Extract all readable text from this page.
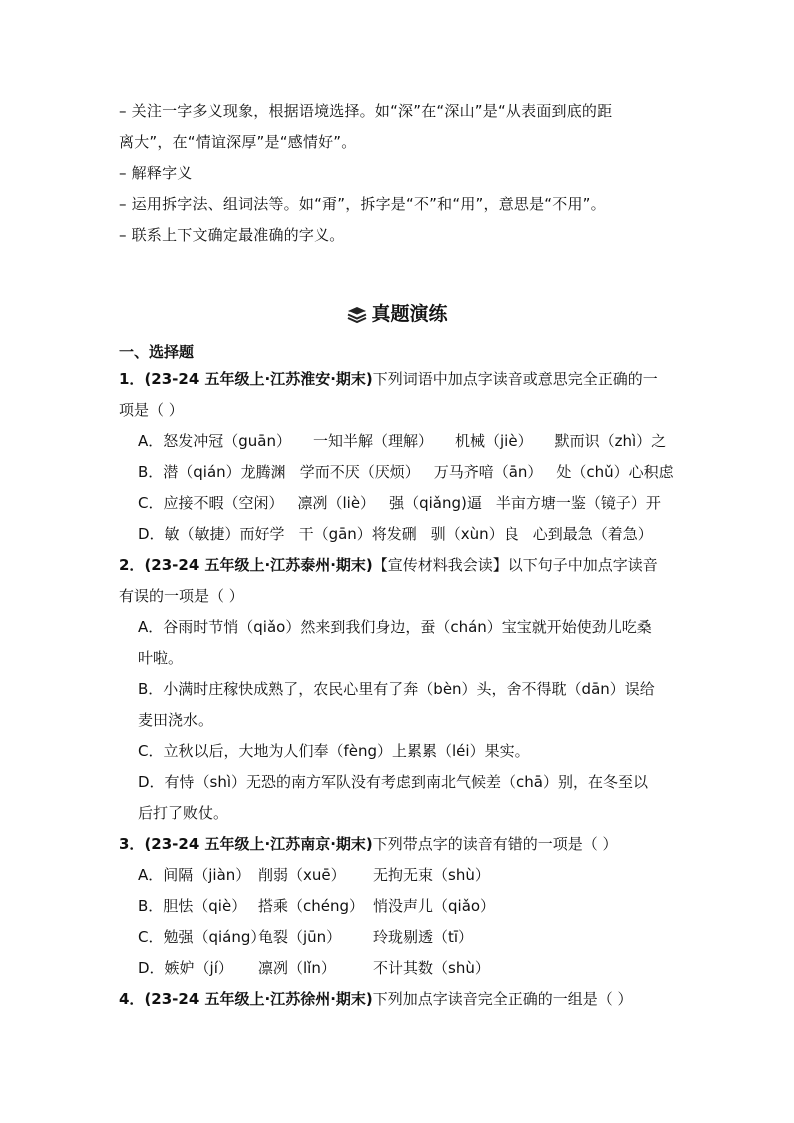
– 关注一字多义现象，根据语境选择。如“深”在“深山”是“从表面到底的距
离大”，在“情谊深厚”是“感情好”。
– 解释字义
– 运用拆字法、组词法等。如“甭”，拆字是“不”和“用”，意思是“不用”。
– 联系上下文确定最准确的字义。
真题演练
一、选择题
1．(23-24 五年级上·江苏淮安·期末)下列词语中加点字读音或意思完全正确的一
项是（ ）
A．怒发冲冠（guān） 一知半解（理解） 机械（jiè） 默而识（zhì）之
B．潜（qián）龙腾渊 学而不厌（厌烦） 万马齐喑（ān） 处（chǔ）心积虑
C．应接不暇（空闲） 凛冽（liè） 强（qiǎng)逼 半亩方塘一鉴（镜子）开
D．敏（敏捷）而好学 干（gān）将发硎 驯（xùn）良 心到最急（着急）
2．(23-24 五年级上·江苏泰州·期末)【宣传材料我会读】以下句子中加点字读音
有误的一项是（ ）
A．谷雨时节悄（qiǎo）然来到我们身边，蚕（chán）宝宝就开始使劲儿吃桑
叶啦。
B．小满时庄稼快成熟了，农民心里有了奔（bèn）头，舍不得耽（dān）误给
麦田浇水。
C．立秋以后，大地为人们奉（fèng）上累累（léi）果实。
D．有恃（shì）无恐的南方军队没有考虑到南北气候差（chā）别，在冬至以
后打了败仗。
3．(23-24 五年级上·江苏南京·期末)下列带点字的读音有错的一项是（ ）
A．间隔（jiàn） 削弱（xuē） 无拘无束（shù）
B．胆怯（qiè） 搭乘（chéng） 悄没声儿（qiǎo）
C．勉强（qiáng）龟裂（jūn） 玲珑剔透（tī）
D．嫉妒（jí） 凛冽（lǐn） 不计其数（shù）
4．(23-24 五年级上·江苏徐州·期末)下列加点字读音完全正确的一组是（ ）
